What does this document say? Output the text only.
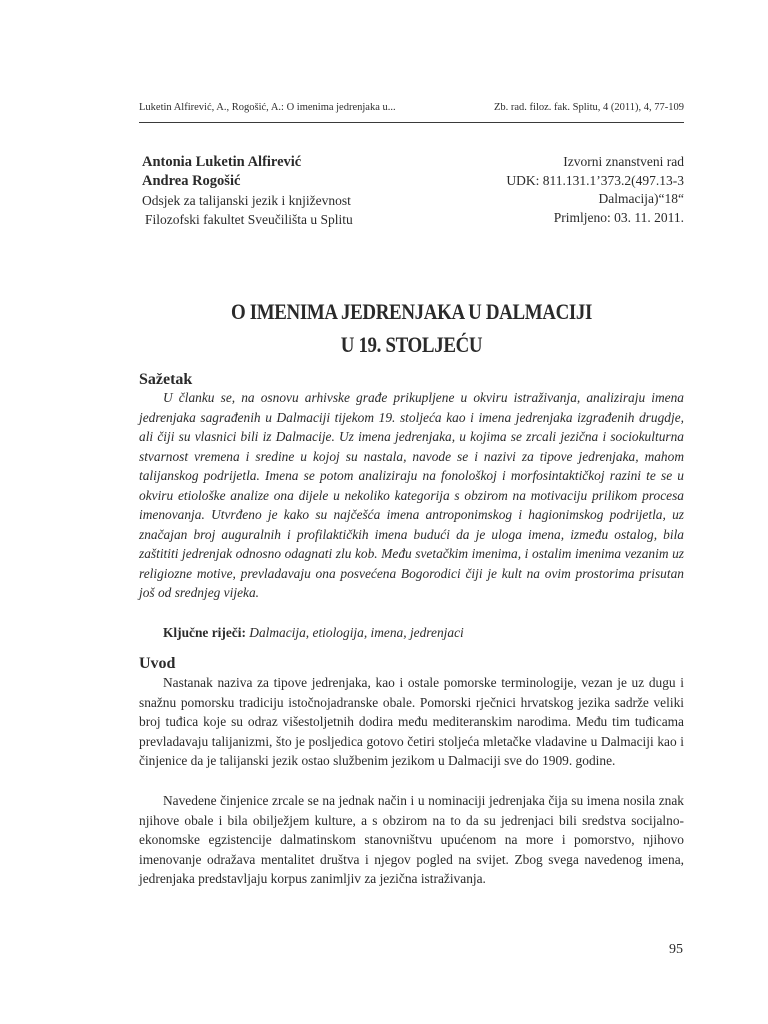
Luketin Alfirević, A., Rogošić, A.: O imenima jedrenjaka u...	Zb. rad. filoz. fak. Splitu, 4 (2011), 4, 77-109
Antonia Luketin Alfirević
Andrea Rogošić
Odsjek za talijanski jezik i književnost
Filozofski fakultet Sveučilišta u Splitu
Izvorni znanstveni rad
UDK: 811.131.1’373.2(497.13-3
Dalmacija)“18“
Primljeno: 03. 11. 2011.
O IMENIMA JEDRENJAKA U DALMACIJI
U 19. STOLJEĆU
Sažetak

U članku se, na osnovu arhivske građe prikupljene u okviru istraživanja, analiziraju imena jedrenjaka sagrađenih u Dalmaciji tijekom 19. stoljeća kao i imena jedrenjaka izgrađenih drugdje, ali čiji su vlasnici bili iz Dalmacije. Uz imena jedrenjaka, u kojima se zrcali jezična i sociokulturna stvarnost vremena i sredine u kojoj su nastala, navode se i nazivi za tipove jedrenjaka, mahom talijanskog podrijetla. Imena se potom analiziraju na fonološkoj i morfosintaktičkoj razini te se u okviru etiološke analize ona dijele u nekoliko kategorija s obzirom na motivaciju prilikom procesa imenovanja. Utvrđeno je kako su najčešća imena antroponimskog i hagionimskog podrijetla, uz značajan broj auguralnih i profilaktičkih imena budući da je uloga imena, između ostalog, bila zaštititi jedrenjak odnosno odagnati zlu kob. Među svetačkim imenima, i ostalim imenima vezanim uz religiozne motive, prevladavaju ona posvećena Bogorodici čiji je kult na ovim prostorima prisutan još od srednjeg vijeka.

Ključne riječi: Dalmacija, etiologija, imena, jedrenjaci
Uvod

Nastanak naziva za tipove jedrenjaka, kao i ostale pomorske terminologije, vezan je uz dugu i snažnu pomorsku tradiciju istočnojadranske obale. Pomorski rječnici hrvatskog jezika sadrže veliki broj tuđica koje su odraz višestoljetnih dodira među mediteranskim narodima. Među tim tuđicama prevladavaju talijanizmi, što je posljedica gotovo četiri stoljeća mletačke vladavine u Dalmaciji kao i činjenice da je talijanski jezik ostao službenim jezikom u Dalmaciji sve do 1909. godine.

Navedene činjenice zrcale se na jednak način i u nominaciji jedrenjaka čija su imena nosila znak njihove obale i bila obilježjem kulture, a s obzirom na to da su jedrenjaci bili sredstva socijalno-ekonomske egzistencije dalmatinskom stanovništvu upućenom na more i pomorstvo, njihovo imenovanje odražava mentalitet društva i njegov pogled na svijet. Zbog svega navedenog imena, jedrenjaka predstavljaju korpus zanimljiv za jezična istraživanja.

95
